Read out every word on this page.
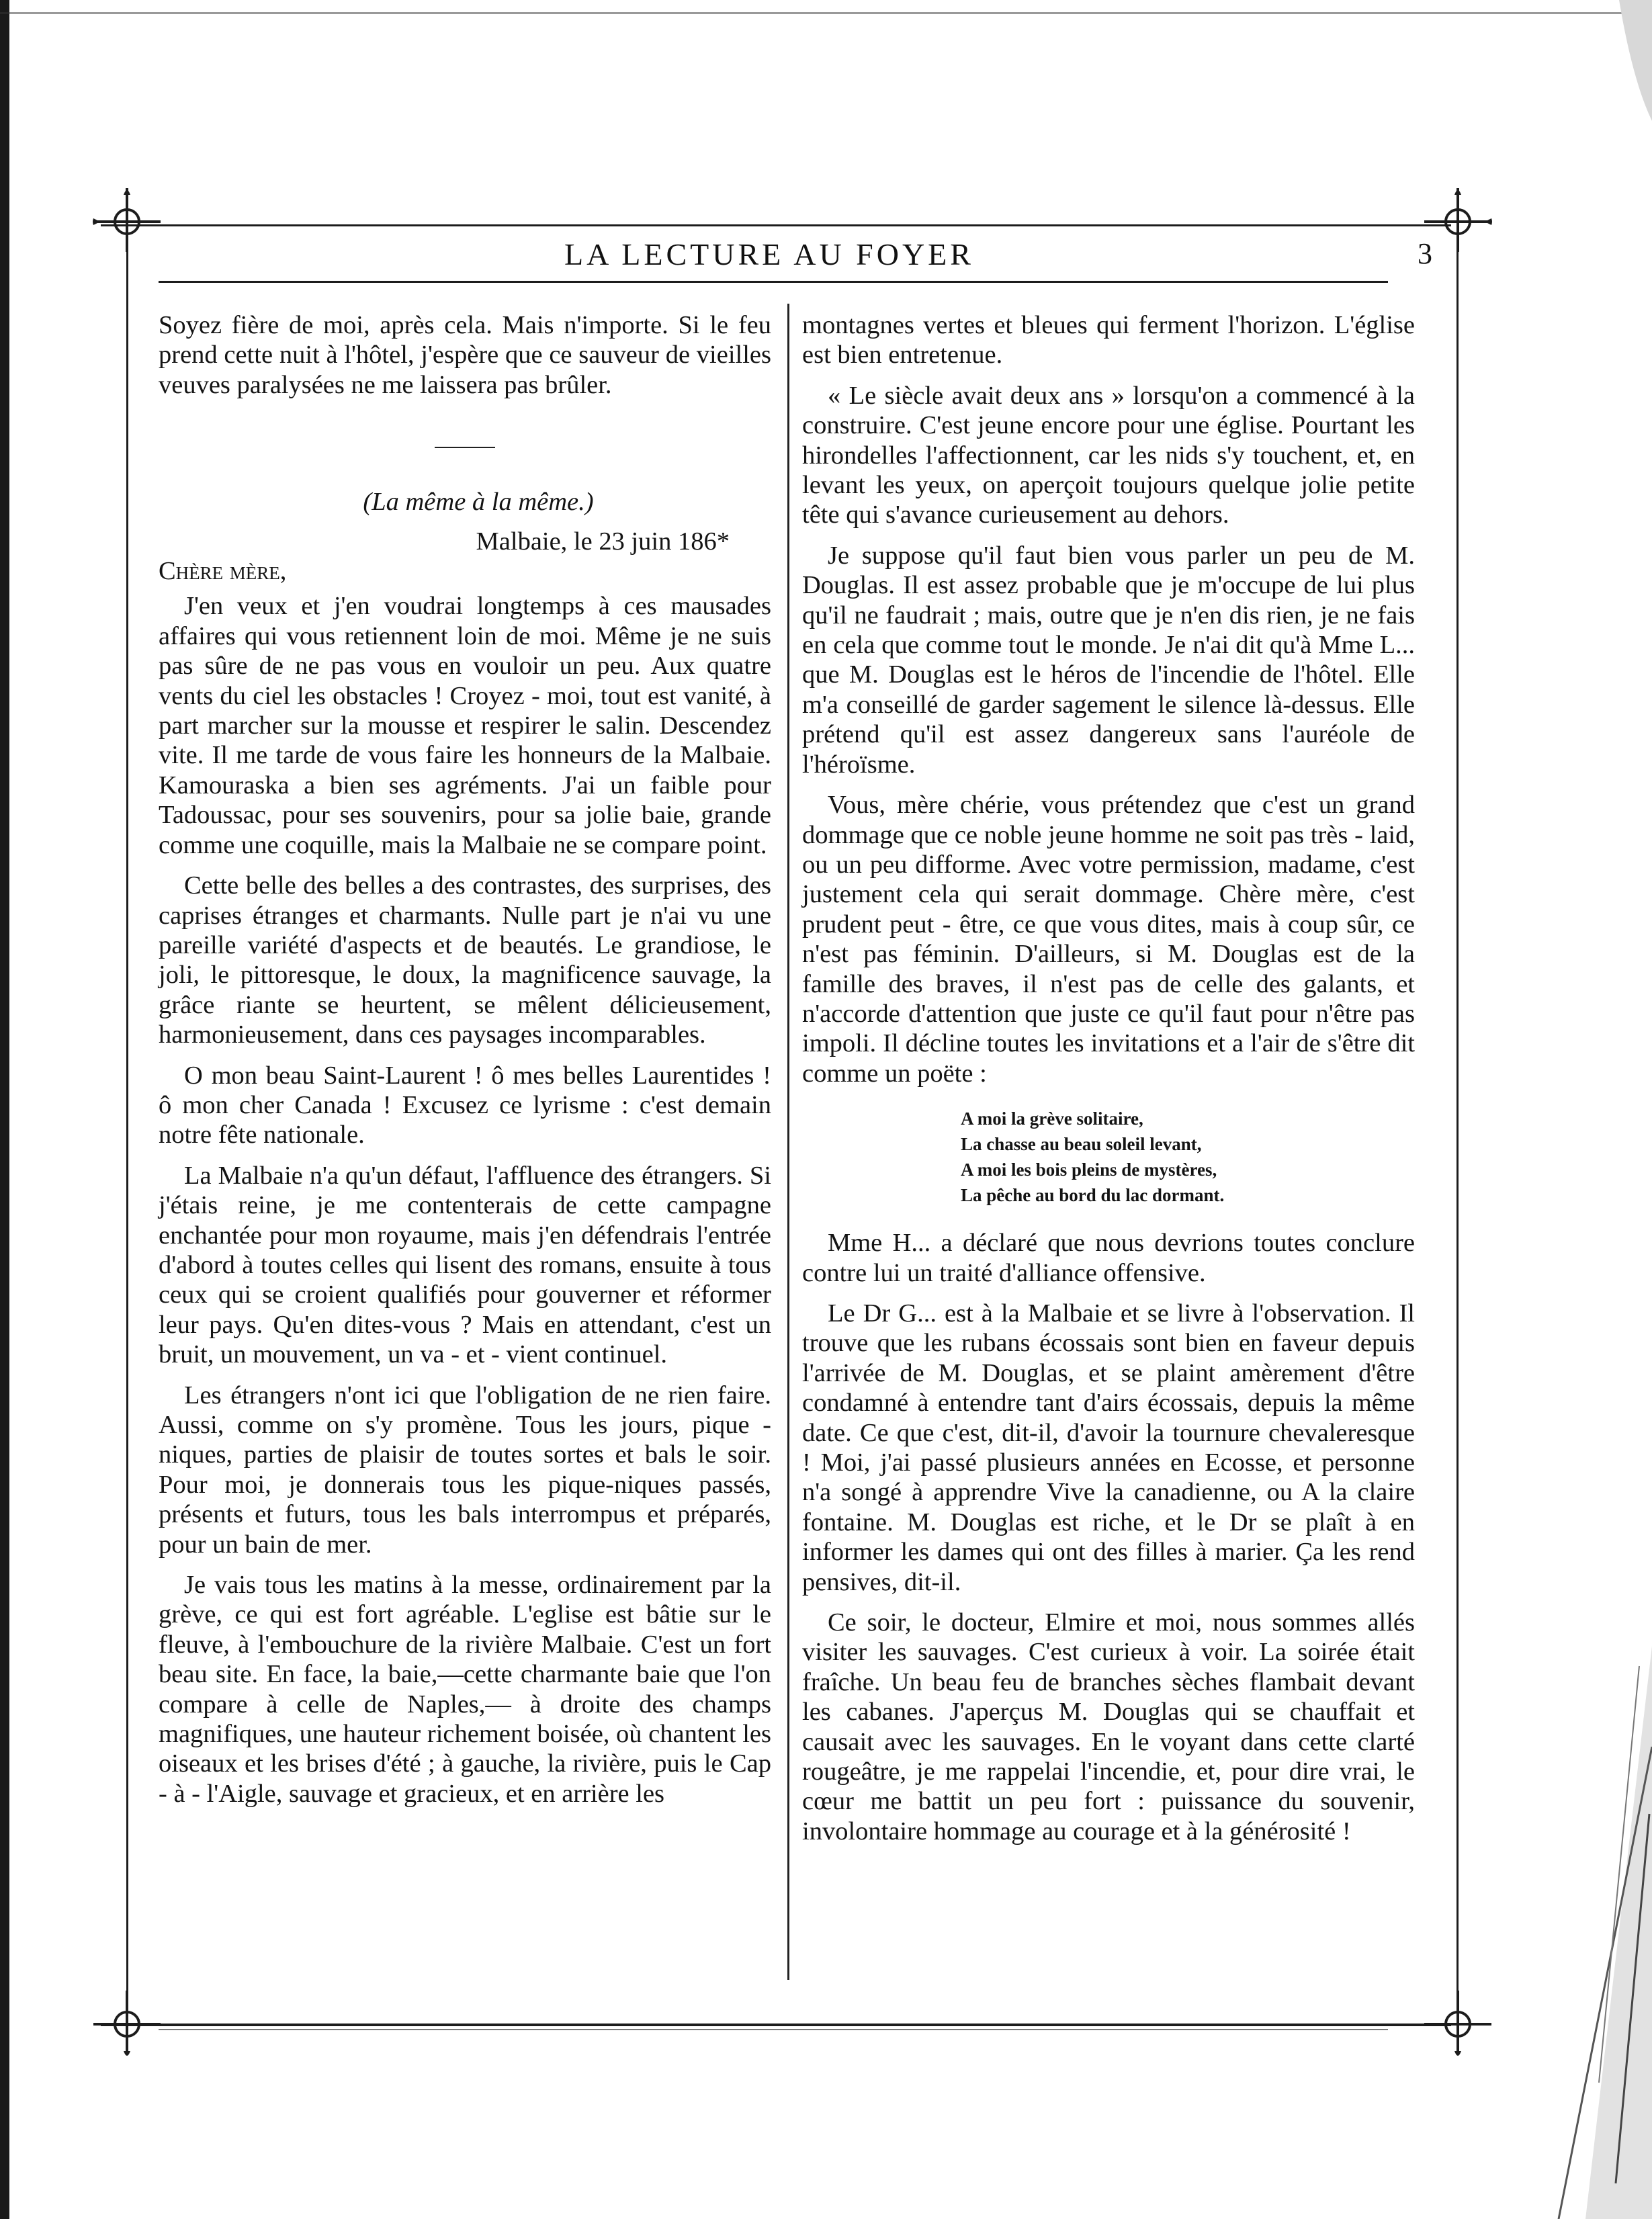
LA LECTURE AU FOYER	3

Soyez fière de moi, après cela. Mais n'importe. Si le feu prend cette nuit à l'hôtel, j'espère que ce sauveur de vieilles veuves paralysées ne me laissera pas brûler.

(La même à la même.)
Malbaie, le 23 juin 186*

Chère mère,

J'en veux et j'en voudrai longtemps à ces mausades affaires qui vous retiennent loin de moi. Même je ne suis pas sûre de ne pas vous en vouloir un peu. Aux quatre vents du ciel les obstacles ! Croyez - moi, tout est vanité, à part marcher sur la mousse et respirer le salin. Descendez vite. Il me tarde de vous faire les honneurs de la Malbaie. Kamouraska a bien ses agréments. J'ai un faible pour Tadoussac, pour ses souvenirs, pour sa jolie baie, grande comme une coquille, mais la Malbaie ne se compare point.

Cette belle des belles a des contrastes, des surprises, des caprises étranges et charmants. Nulle part je n'ai vu une pareille variété d'aspects et de beautés. Le grandiose, le joli, le pittoresque, le doux, la magnificence sauvage, la grâce riante se heurtent, se mêlent délicieusement, harmonieusement, dans ces paysages incomparables.

O mon beau Saint-Laurent ! ô mes belles Laurentides ! ô mon cher Canada ! Excusez ce lyrisme : c'est demain notre fête nationale.

La Malbaie n'a qu'un défaut, l'affluence des étrangers. Si j'étais reine, je me contenterais de cette campagne enchantée pour mon royaume, mais j'en défendrais l'entrée d'abord à toutes celles qui lisent des romans, ensuite à tous ceux qui se croient qualifiés pour gouverner et réformer leur pays. Qu'en dites-vous ? Mais en attendant, c'est un bruit, un mouvement, un va - et - vient continuel.

Les étrangers n'ont ici que l'obligation de ne rien faire. Aussi, comme on s'y promène. Tous les jours, pique - niques, parties de plaisir de toutes sortes et bals le soir. Pour moi, je donnerais tous les pique-niques passés, présents et futurs, tous les bals interrompus et préparés, pour un bain de mer.

Je vais tous les matins à la messe, ordinairement par la grève, ce qui est fort agréable. L'eglise est bâtie sur le fleuve, à l'embouchure de la rivière Malbaie. C'est un fort beau site. En face, la baie,—cette charmante baie que l'on compare à celle de Naples,— à droite des champs magnifiques, une hauteur richement boisée, où chantent les oiseaux et les brises d'été ; à gauche, la rivière, puis le Cap - à - l'Aigle, sauvage et gracieux, et en arrière les

montagnes vertes et bleues qui ferment l'horizon. L'église est bien entretenue.

« Le siècle avait deux ans » lorsqu'on a commencé à la construire. C'est jeune encore pour une église. Pourtant les hirondelles l'affectionnent, car les nids s'y touchent, et, en levant les yeux, on aperçoit toujours quelque jolie petite tête qui s'avance curieusement au dehors.

Je suppose qu'il faut bien vous parler un peu de M. Douglas. Il est assez probable que je m'occupe de lui plus qu'il ne faudrait ; mais, outre que je n'en dis rien, je ne fais en cela que comme tout le monde. Je n'ai dit qu'à Mme L... que M. Douglas est le héros de l'incendie de l'hôtel. Elle m'a conseillé de garder sagement le silence là-dessus. Elle prétend qu'il est assez dangereux sans l'auréole de l'héroïsme.

Vous, mère chérie, vous prétendez que c'est un grand dommage que ce noble jeune homme ne soit pas très - laid, ou un peu difforme. Avec votre permission, madame, c'est justement cela qui serait dommage. Chère mère, c'est prudent peut - être, ce que vous dites, mais à coup sûr, ce n'est pas féminin. D'ailleurs, si M. Douglas est de la famille des braves, il n'est pas de celle des galants, et n'accorde d'attention que juste ce qu'il faut pour n'être pas impoli. Il décline toutes les invitations et a l'air de s'être dit comme un poëte :

A moi la grève solitaire,
La chasse au beau soleil levant,
A moi les bois pleins de mystères,
La pêche au bord du lac dormant.

Mme H... a déclaré que nous devrions toutes conclure contre lui un traité d'alliance offensive.

Le Dr G... est à la Malbaie et se livre à l'observation. Il trouve que les rubans écossais sont bien en faveur depuis l'arrivée de M. Douglas, et se plaint amèrement d'être condamné à entendre tant d'airs écossais, depuis la même date. Ce que c'est, dit-il, d'avoir la tournure chevaleresque ! Moi, j'ai passé plusieurs années en Ecosse, et personne n'a songé à apprendre Vive la canadienne, ou A la claire fontaine. M. Douglas est riche, et le Dr se plaît à en informer les dames qui ont des filles à marier. Ça les rend pensives, dit-il.

Ce soir, le docteur, Elmire et moi, nous sommes allés visiter les sauvages. C'est curieux à voir. La soirée était fraîche. Un beau feu de branches sèches flambait devant les cabanes. J'aperçus M. Douglas qui se chauffait et causait avec les sauvages. En le voyant dans cette clarté rougeâtre, je me rappelai l'incendie, et, pour dire vrai, le cœur me battit un peu fort : puissance du souvenir, involontaire hommage au courage et à la générosité !
